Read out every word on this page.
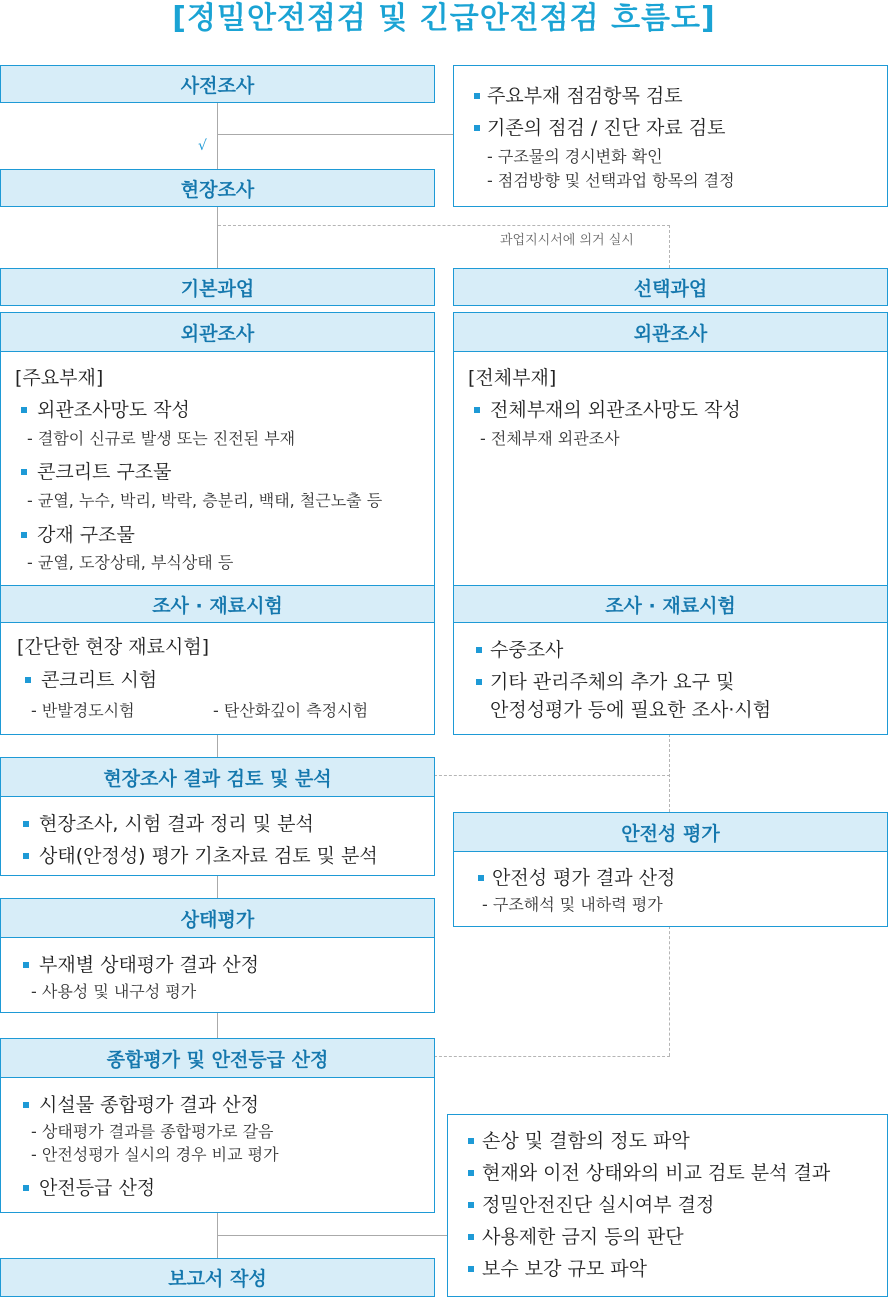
[정밀안전점검 및 긴급안전점검 흐름도]
사전조사
√
현장조사
주요부재 점검항목 검토
기존의 점검 / 진단 자료 검토
- 구조물의 경시변화 확인
- 점검방향 및 선택과업 항목의 결정
과업지시서에 의거 실시
기본과업	선택과업
외관조사
[주요부재]
외관조사망도 작성
- 결함이 신규로 발생 또는 진전된 부재
콘크리트 구조물
- 균열, 누수, 박리, 박락, 층분리, 백태, 철근노출 등
강재 구조물
- 균열, 도장상태, 부식상태 등
외관조사
[전체부재]
전체부재의 외관조사망도 작성
- 전체부재 외관조사
조사 · 재료시험
[간단한 현장 재료시험]
콘크리트 시험
- 반발경도시험	- 탄산화깊이 측정시험
조사 · 재료시험
수중조사
기타 관리주체의 추가 요구 및
안정성평가 등에 필요한 조사·시험
현장조사 결과 검토 및 분석
현장조사, 시험 결과 정리 및 분석
상태(안정성) 평가 기초자료 검토 및 분석
안전성 평가
안전성 평가 결과 산정
- 구조해석 및 내하력 평가
상태평가
부재별 상태평가 결과 산정
- 사용성 및 내구성 평가
종합평가 및 안전등급 산정
시설물 종합평가 결과 산정
- 상태평가 결과를 종합평가로 갈음
- 안전성평가 실시의 경우 비교 평가
안전등급 산정
손상 및 결함의 정도 파악
현재와 이전 상태와의 비교 검토 분석 결과
정밀안전진단 실시여부 결정
사용제한 금지 등의 판단
보수 보강 규모 파악
보고서 작성
